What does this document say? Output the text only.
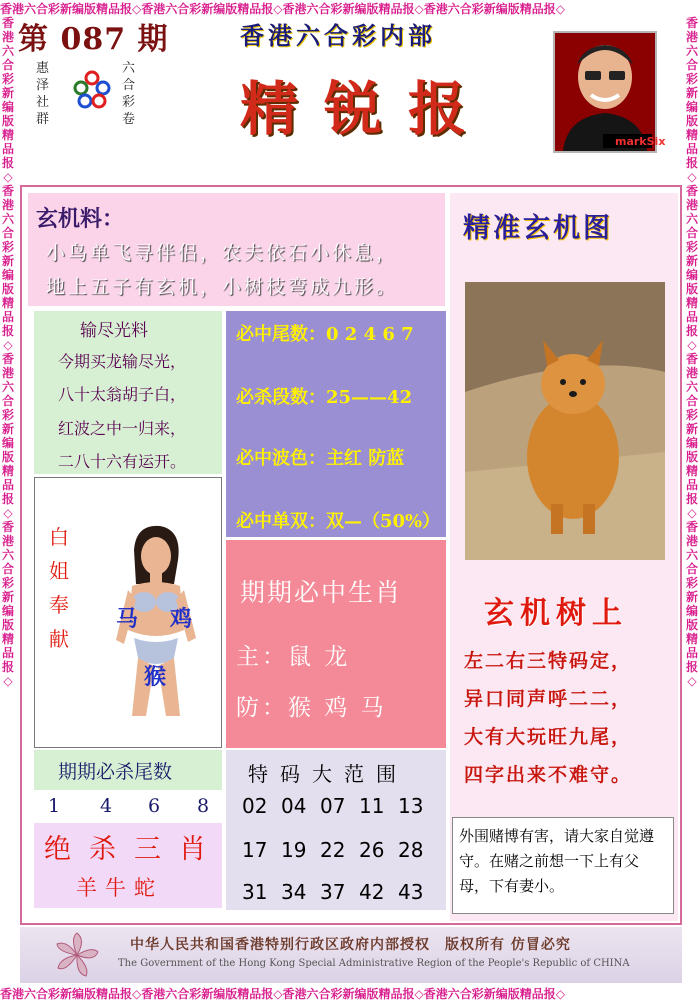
香港六合彩新编版精品报◇香港六合彩新编版精品报◇香港六合彩新编版精品报◇香港六合彩新编版精品报◇
香港六合彩新编版精品报◇香港六合彩新编版精品报◇香港六合彩新编版精品报◇香港六合彩新编版精品报◇
香港六合彩新编版精品报◇香港六合彩新编版精品报◇香港六合彩新编版精品报◇香港六合彩新编版精品报◇
香港六合彩新编版精品报◇香港六合彩新编版精品报◇香港六合彩新编版精品报◇香港六合彩新编版精品报◇
第 087 期
惠泽社群
六合彩卷
香港六合彩内部
精锐报	markSix
玄机料：
小鸟单飞寻伴侣，农夫依石小休息，
地上五子有玄机，小树枝弯成九形。
输尽光料
今期买龙输尽光，
八十太翁胡子白，
红波之中一归来，
二八十六有运开。
必中尾数：0 2 4 6 7
必杀段数：25——42
必中波色：主红 防蓝
必中单双：双—（50%）
期期必中生肖
主：鼠 龙
防：猴 鸡 马
白姐奉献
马 鸡
猴
期期必杀尾数
1 4 6 8
绝杀三肖
羊牛蛇
特码大范围
02 04 07 11 13
17 19 22 26 28
31 34 37 42 43
精准玄机图
玄机树上
左二右三特码定，
异口同声呼二二，
大有大玩旺九尾，
四字出来不难守。
外围赌博有害，请大家自觉遵守。在赌之前想一下上有父母，下有妻小。
中华人民共和国香港特别行政区政府内部授权　版权所有 仿冒必究
The Government of the Hong Kong Special Administrative Region of the People's Republic of CHINA
